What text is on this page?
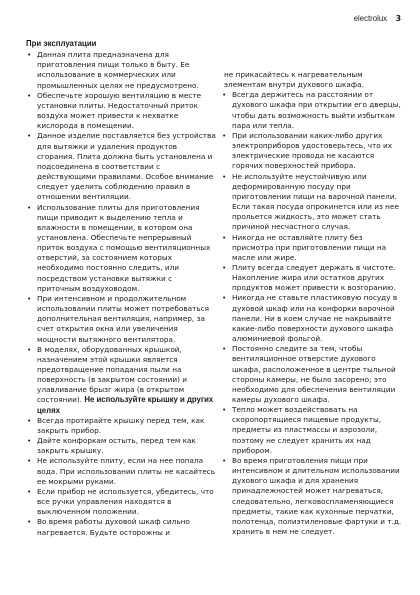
electrolux 3
При эксплуатации

• Данная плита предназначена для приготовления пищи только в быту. Ее использование в коммерческих или промышленных целях не предусмотрено.

• Обеспечьте хорошую вентиляцию в месте установки плиты. Недостаточный приток воздуха может привести к нехватке кислорода в помещении.

• Данное изделие поставляется без устройства для вытяжки и удаления продуктов сгорания. Плита должна быть установлена и подсоединена в соответствии с действующими правилами. Особое внимание следует уделить соблюдению правил в отношении вентиляции.

• Использование плиты для приготовления пищи приводит к выделению тепла и влажности в помещении, в котором она установлена. Обеспечьте непрерывный приток воздуха с помощью вентиляционных отверстий, за состоянием которых необходимо постоянно следить, или посредством установки вытяжки с приточным воздуховодом.

• При интенсивном и продолжительном использовании плиты может потребоваться дополнительная вентиляция, например, за счет открытия окна или увеличения мощности вытяжного вентилятора.

• В моделях, оборудованных крышкой, назначением этой крышки является предотвращение попадания пыли на поверхность (в закрытом состоянии) и улавливание брызг жира (в открытом состоянии). Не используйте крышку и других целях

• Всегда протирайте крышку перед тем, как закрыть прибор.

• Дайте конфоркам остыть, перед тем как закрыть крышку.

• Не используйте плиту, если на нее попала вода. При использовании плиты не касайтесь ее мокрыми руками.

• Если прибор не используется, убедитесь, что все ручки управления находятся в выключенном положении.

• Во время работы духовой шкаф сильно нагревается. Будьте осторожны и

не прикасайтесь к нагревательным элементам внутри духового шкафа.

• Всегда держитесь на расстоянии от духового шкафа при открытии его дверцы, чтобы дать возможность выйти избыткам пара или тепла.

• При использовании каких-либо других электроприборов удостоверьтесь, что их электрические провода не касаются горячих поверхностей прибора.

• Не используйте неустойчивую или деформированную посуду при приготовлении пищи на варочной панели. Если такая посуда опрокинется или из нее прольется жидкость, это может стать причиной несчастного случая.

• Никогда не оставляйте плиту без присмотра при приготовлении пищи на масле или жире.

• Плиту всегда следует держать в чистоте. Накопление жира или остатков других продуктов может привести к возгоранию.

• Никогда не ставьте пластиковую посуду в духовой шкаф или на конфорки варочной панели. Ни в коем случае не накрывайте какие-либо поверхности духового шкафа алюминиевой фольгой.

• Постоянно следите за тем, чтобы вентиляционное отверстие духового шкафа, расположенное в центре тыльной стороны камеры, не было засорено; это необходимо для обеспечения вентиляции камеры духового шкафа.

• Тепло может воздействовать на скоропортящиеся пищевые продукты, предметы из пластмассы и аэрозоли, поэтому не следует хранить их над прибором.

• Во время приготовления пищи при интенсивном и длительном использовании духового шкафа и для хранения принадлежностей может нагреваться, следовательно, легковоспламеняющиеся предметы, такие как кухонные перчатки, полотенца, полиэтиленовые фартуки и т.д. хранить в нем не следует.
